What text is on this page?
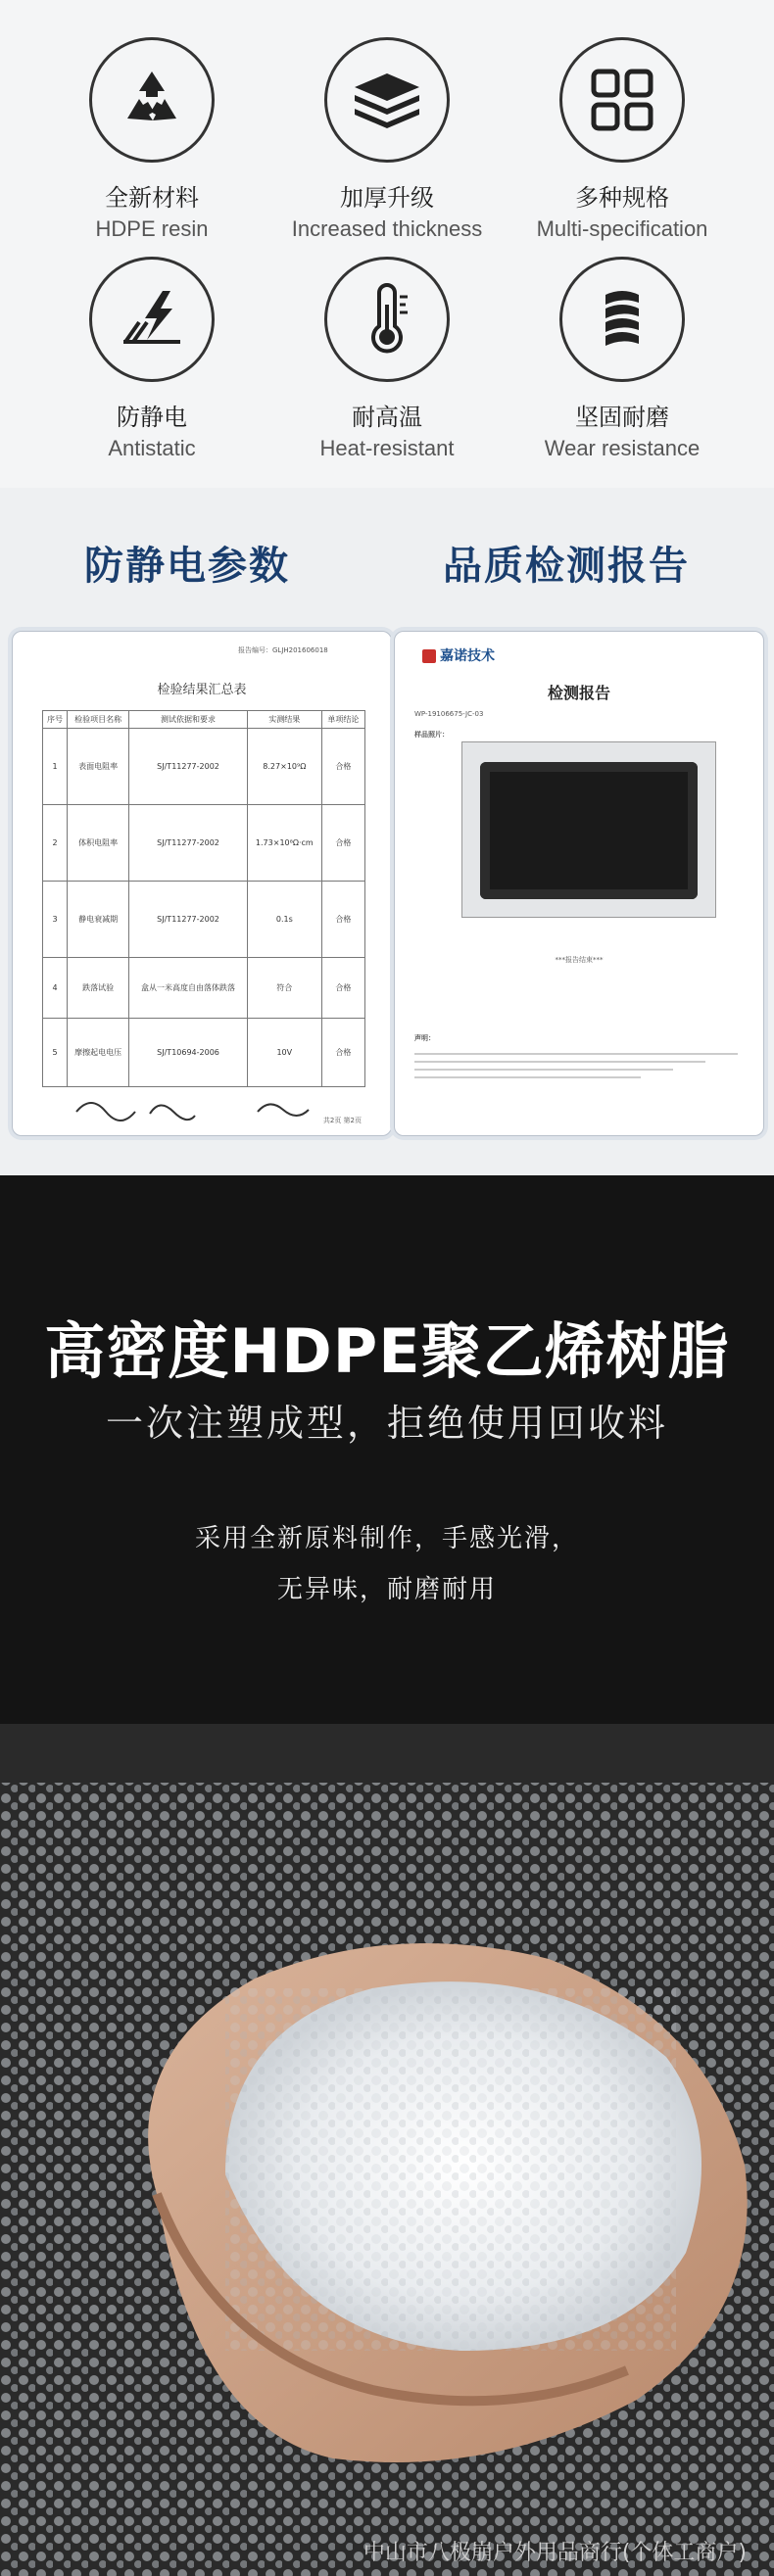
全新材料
HDPE resin
加厚升级
Increased thickness
多种规格
Multi-specification
防静电
Antistatic
耐高温
Heat-resistant
坚固耐磨
Wear resistance
防静电参数	品质检测报告
报告编号：GLJH201606018
检验结果汇总表
序号	检验项目名称	测试依据和要求	实测结果	单项结论
1	表面电阻率	SJ/T11277-2002	8.27×10⁹Ω	合格
2	体积电阻率	SJ/T11277-2002	1.73×10⁸Ω·cm	合格
3	静电衰减期	SJ/T11277-2002	0.1s	合格
4	跌落试验	盒从一米高度自由落体跌落	符合	合格
5	摩擦起电电压	SJ/T10694-2006	10V	合格
共2页 第2页
嘉诺技术
检测报告
WP-19106675-JC-03
样品照片：
***报告结束***
声明：
高密度HDPE聚乙烯树脂
一次注塑成型，拒绝使用回收料
采用全新原料制作，手感光滑，
无异味，耐磨耐用
中山市八极崩户外用品商行(个体工商户)
